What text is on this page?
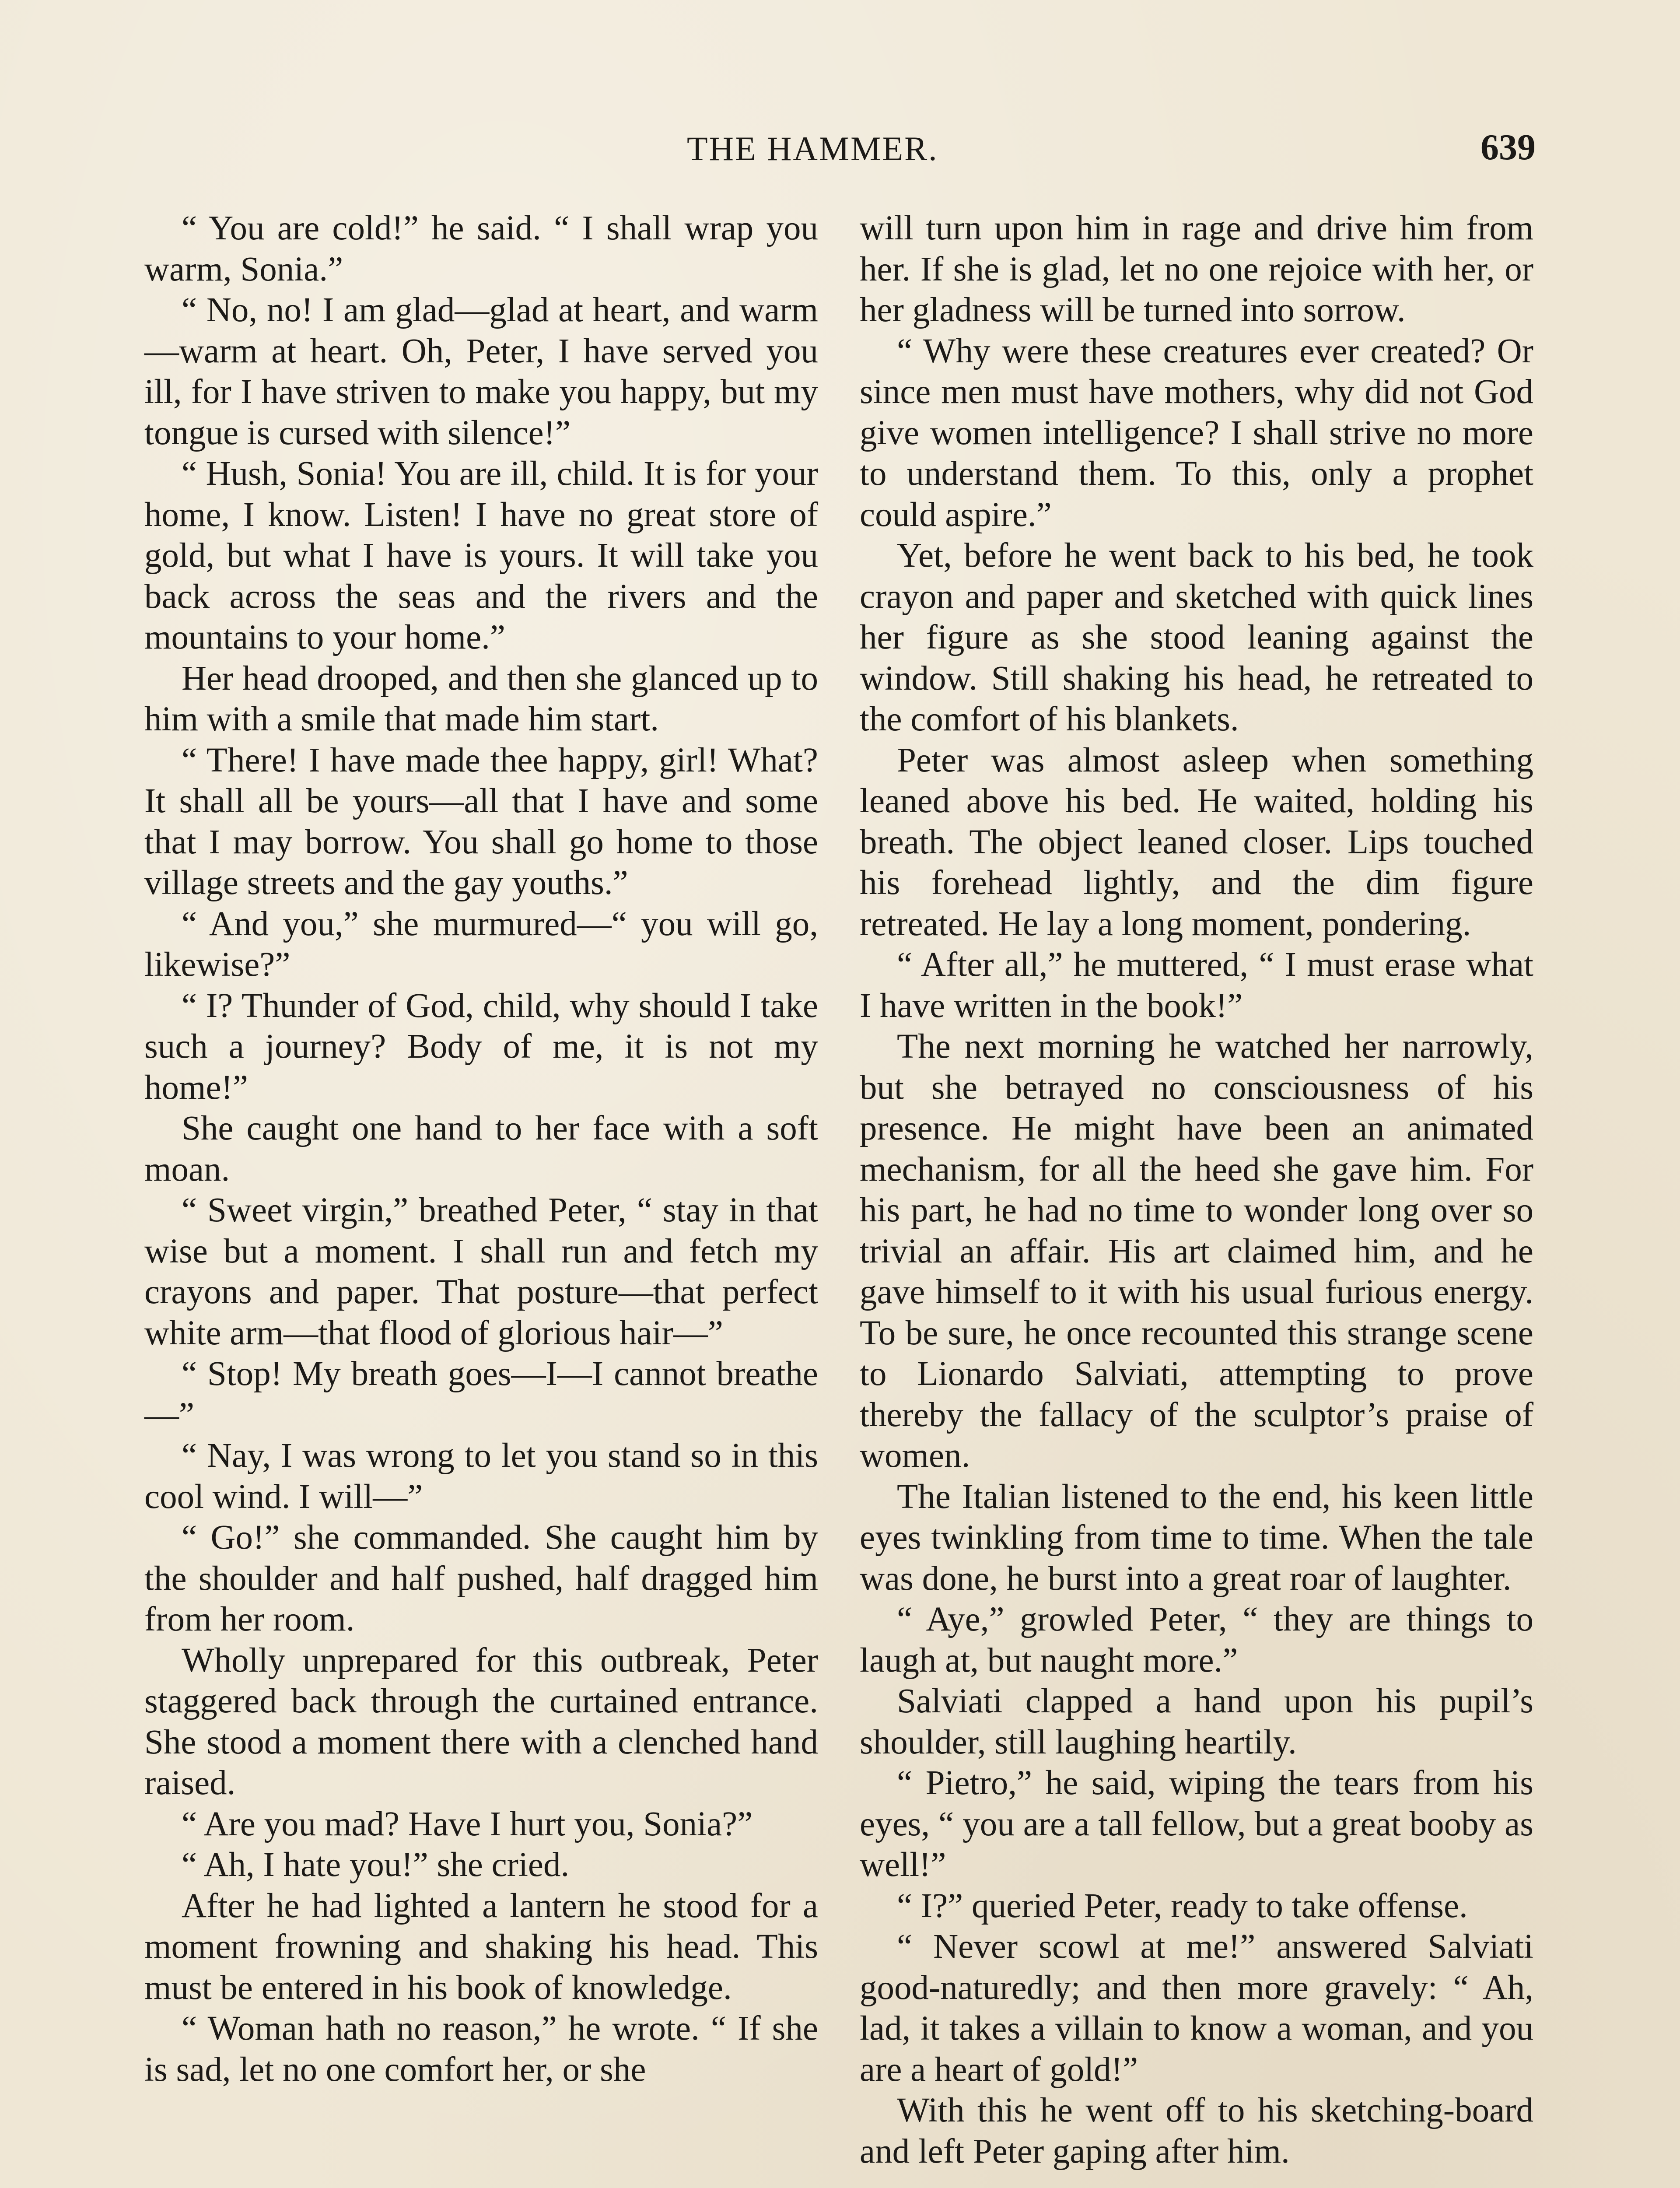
THE HAMMER.	639

“ You are cold!” he said. “ I shall wrap you warm, Sonia.”

“ No, no! I am glad—glad at heart, and warm—warm at heart. Oh, Peter, I have served you ill, for I have striven to make you happy, but my tongue is cursed with silence!”

“ Hush, Sonia! You are ill, child. It is for your home, I know. Listen! I have no great store of gold, but what I have is yours. It will take you back across the seas and the rivers and the mountains to your home.”

Her head drooped, and then she glanced up to him with a smile that made him start.

“ There! I have made thee happy, girl! What? It shall all be yours—all that I have and some that I may borrow. You shall go home to those village streets and the gay youths.”

“ And you,” she murmured—“ you will go, likewise?”

“ I? Thunder of God, child, why should I take such a journey? Body of me, it is not my home!”

She caught one hand to her face with a soft moan.

“ Sweet virgin,” breathed Peter, “ stay in that wise but a moment. I shall run and fetch my crayons and paper. That posture—that perfect white arm—that flood of glorious hair—”

“ Stop! My breath goes—I—I cannot breathe—”

“ Nay, I was wrong to let you stand so in this cool wind. I will—”

“ Go!” she commanded. She caught him by the shoulder and half pushed, half dragged him from her room.

Wholly unprepared for this outbreak, Peter staggered back through the curtained entrance. She stood a moment there with a clenched hand raised.

“ Are you mad? Have I hurt you, Sonia?”

“ Ah, I hate you!” she cried.

After he had lighted a lantern he stood for a moment frowning and shaking his head. This must be entered in his book of knowledge.

“ Woman hath no reason,” he wrote. “ If she is sad, let no one comfort her, or she

will turn upon him in rage and drive him from her. If she is glad, let no one rejoice with her, or her gladness will be turned into sorrow.

“ Why were these creatures ever created? Or since men must have mothers, why did not God give women intelligence? I shall strive no more to understand them. To this, only a prophet could aspire.”

Yet, before he went back to his bed, he took crayon and paper and sketched with quick lines her figure as she stood leaning against the window. Still shaking his head, he retreated to the comfort of his blankets.

Peter was almost asleep when something leaned above his bed. He waited, holding his breath. The object leaned closer. Lips touched his forehead lightly, and the dim figure retreated. He lay a long moment, pondering.

“ After all,” he muttered, “ I must erase what I have written in the book!”

The next morning he watched her narrowly, but she betrayed no consciousness of his presence. He might have been an animated mechanism, for all the heed she gave him. For his part, he had no time to wonder long over so trivial an affair. His art claimed him, and he gave himself to it with his usual furious energy. To be sure, he once recounted this strange scene to Lionardo Salviati, attempting to prove thereby the fallacy of the sculptor’s praise of women.

The Italian listened to the end, his keen little eyes twinkling from time to time. When the tale was done, he burst into a great roar of laughter.

“ Aye,” growled Peter, “ they are things to laugh at, but naught more.”

Salviati clapped a hand upon his pupil’s shoulder, still laughing heartily.

“ Pietro,” he said, wiping the tears from his eyes, “ you are a tall fellow, but a great booby as well!”

“ I?” queried Peter, ready to take offense.

“ Never scowl at me!” answered Salviati good-naturedly; and then more gravely: “ Ah, lad, it takes a villain to know a woman, and you are a heart of gold!”

With this he went off to his sketching-board and left Peter gaping after him.
